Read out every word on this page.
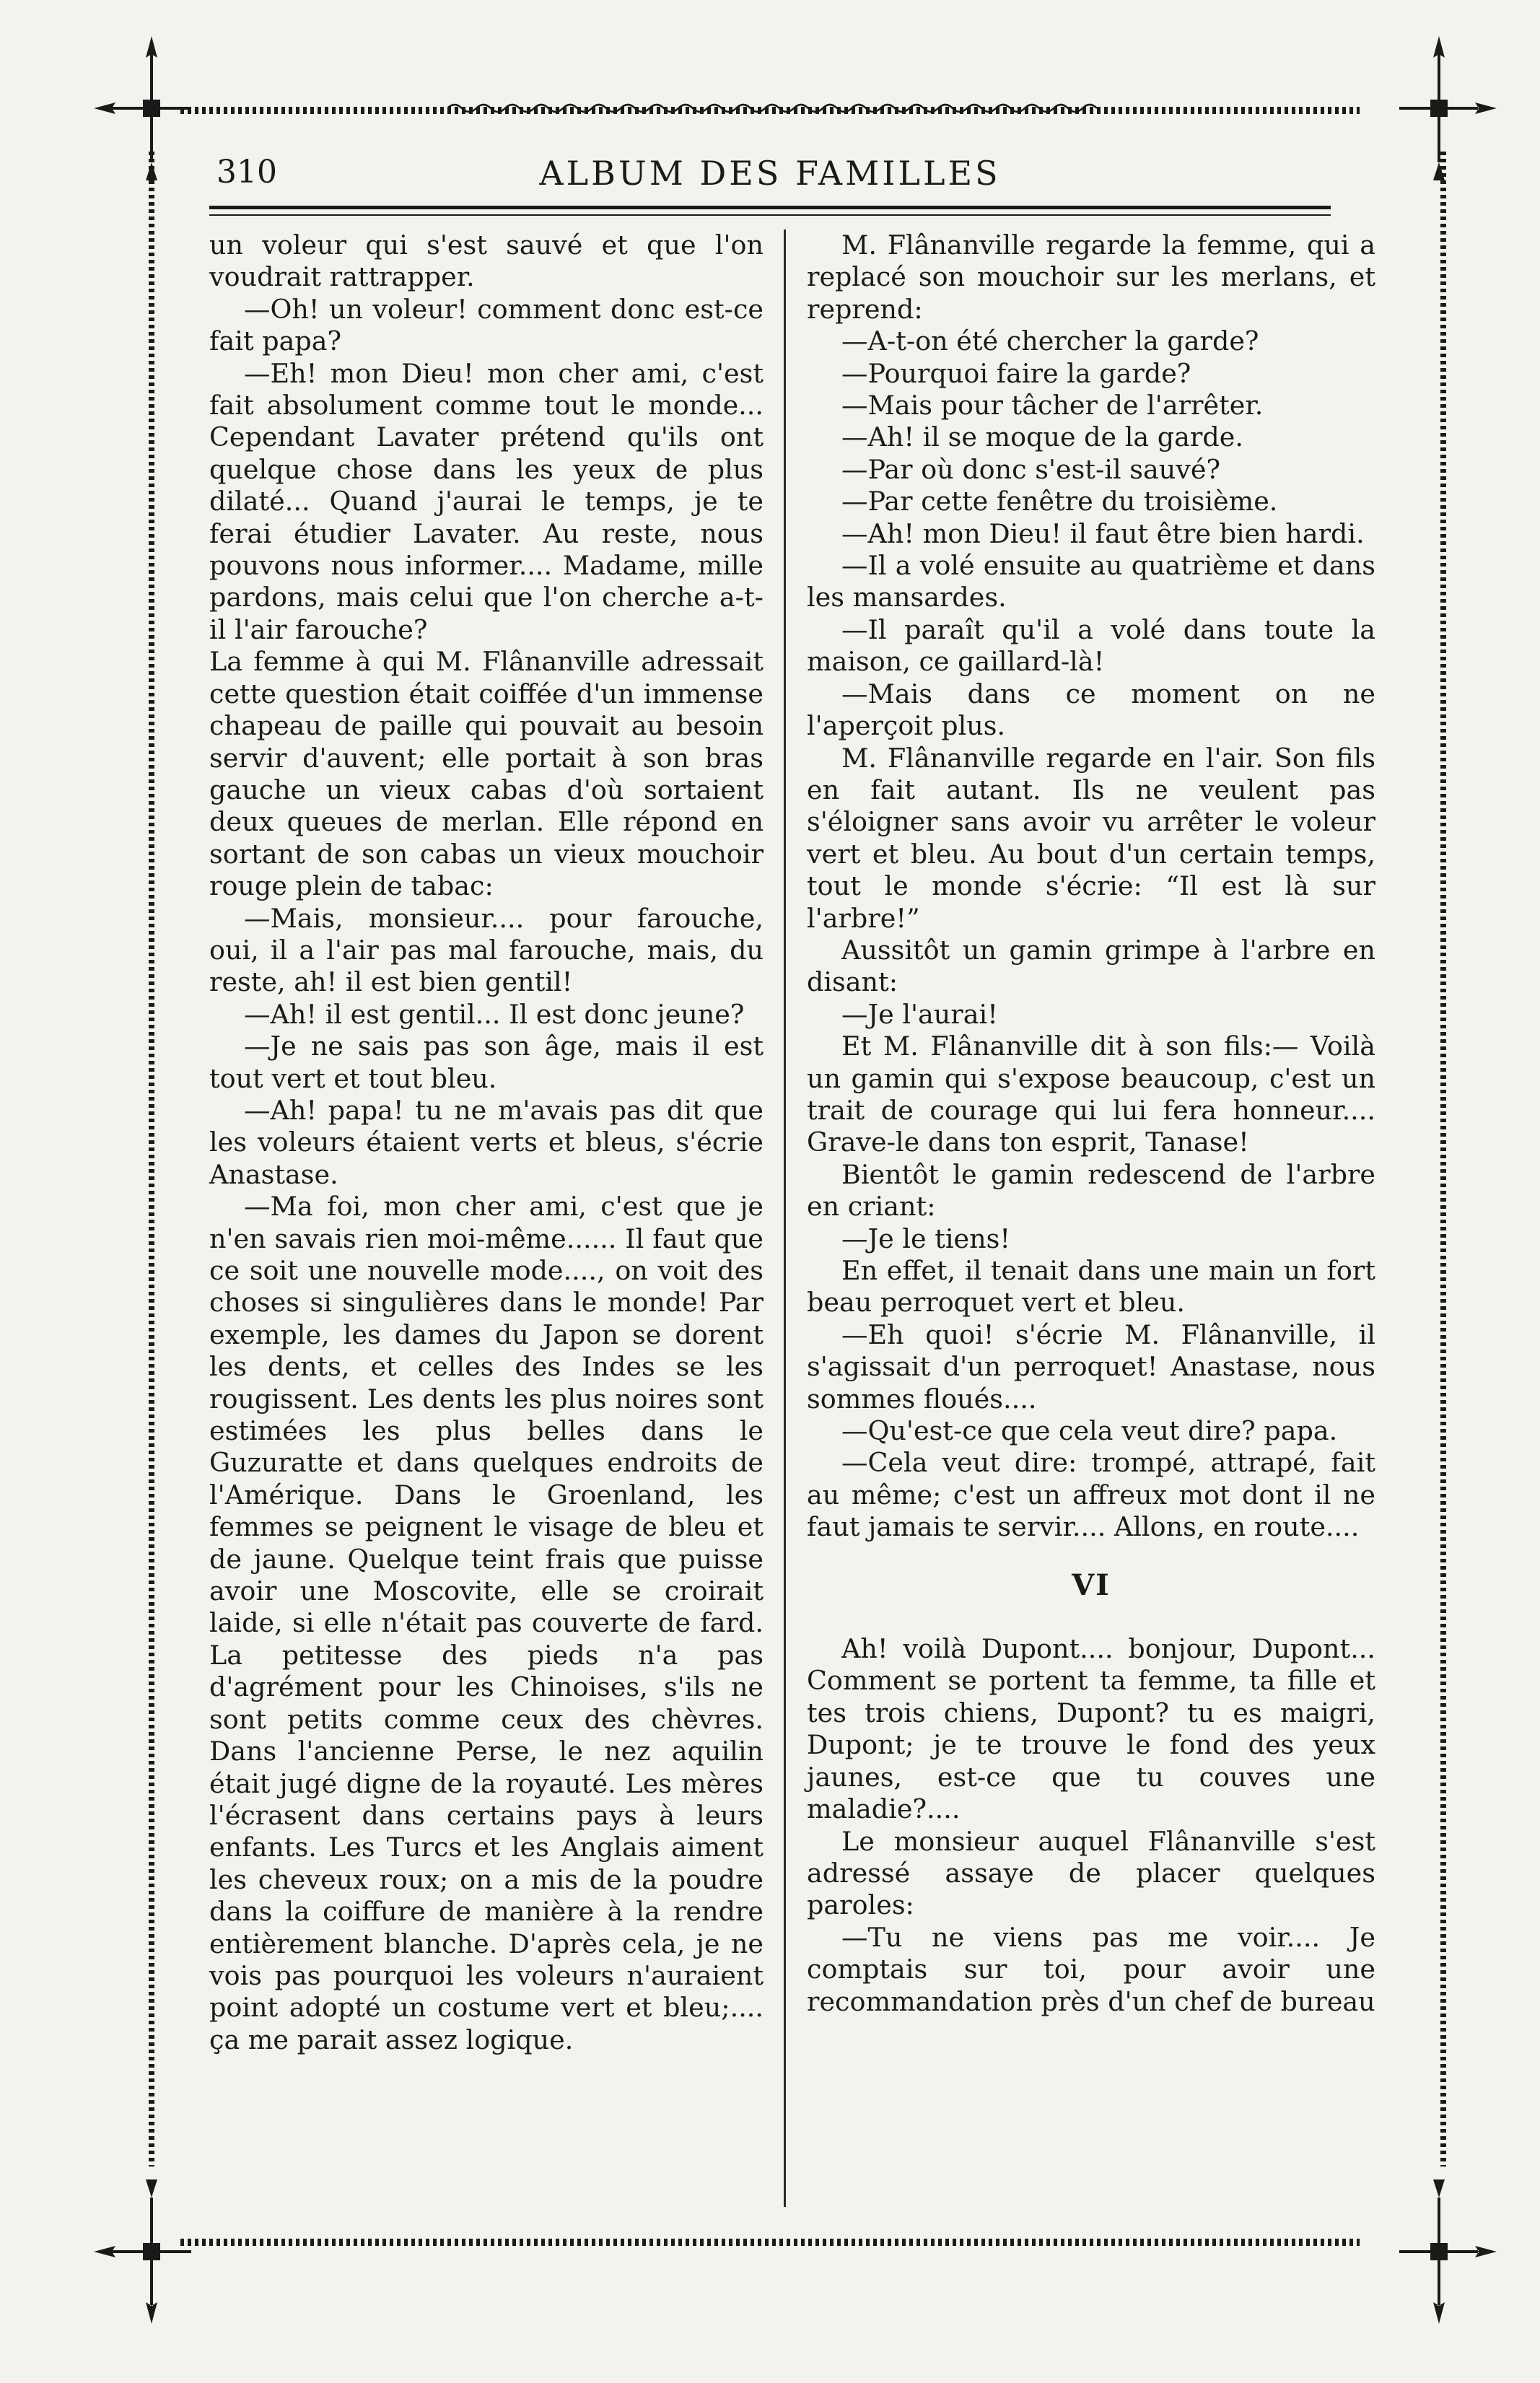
310	ALBUM DES FAMILLES

un voleur qui s'est sauvé et que l'on voudrait rattrapper.

—Oh! un voleur! comment donc est-ce fait papa?

—Eh! mon Dieu! mon cher ami, c'est fait absolument comme tout le monde... Cependant Lavater prétend qu'ils ont quelque chose dans les yeux de plus dilaté... Quand j'aurai le temps, je te ferai étudier Lavater. Au reste, nous pouvons nous informer.... Madame, mille pardons, mais celui que l'on cherche a-t-il l'air farouche?

La femme à qui M. Flânanville adressait cette question était coiffée d'un immense chapeau de paille qui pouvait au besoin servir d'auvent; elle portait à son bras gauche un vieux cabas d'où sortaient deux queues de merlan. Elle répond en sortant de son cabas un vieux mouchoir rouge plein de tabac:

—Mais, monsieur.... pour farouche, oui, il a l'air pas mal farouche, mais, du reste, ah! il est bien gentil!

—Ah! il est gentil... Il est donc jeune?

—Je ne sais pas son âge, mais il est tout vert et tout bleu.

—Ah! papa! tu ne m'avais pas dit que les voleurs étaient verts et bleus, s'écrie Anastase.

—Ma foi, mon cher ami, c'est que je n'en savais rien moi-même...... Il faut que ce soit une nouvelle mode...., on voit des choses si singulières dans le monde! Par exemple, les dames du Japon se dorent les dents, et celles des Indes se les rougissent. Les dents les plus noires sont estimées les plus belles dans le Guzuratte et dans quelques endroits de l'Amérique. Dans le Groenland, les femmes se peignent le visage de bleu et de jaune. Quelque teint frais que puisse avoir une Moscovite, elle se croirait laide, si elle n'était pas couverte de fard. La petitesse des pieds n'a pas d'agrément pour les Chinoises, s'ils ne sont petits comme ceux des chèvres. Dans l'ancienne Perse, le nez aquilin était jugé digne de la royauté. Les mères l'écrasent dans certains pays à leurs enfants. Les Turcs et les Anglais aiment les cheveux roux; on a mis de la poudre dans la coiffure de manière à la rendre entièrement blanche. D'après cela, je ne vois pas pourquoi les voleurs n'auraient point adopté un costume vert et bleu;.... ça me parait assez logique.

M. Flânanville regarde la femme, qui a replacé son mouchoir sur les merlans, et reprend:

—A-t-on été chercher la garde?

—Pourquoi faire la garde?

—Mais pour tâcher de l'arrêter.

—Ah! il se moque de la garde.

—Par où donc s'est-il sauvé?

—Par cette fenêtre du troisième.

—Ah! mon Dieu! il faut être bien hardi.

—Il a volé ensuite au quatrième et dans les mansardes.

—Il paraît qu'il a volé dans toute la maison, ce gaillard-là!

—Mais dans ce moment on ne l'aperçoit plus.

M. Flânanville regarde en l'air. Son fils en fait autant. Ils ne veulent pas s'éloigner sans avoir vu arrêter le voleur vert et bleu. Au bout d'un certain temps, tout le monde s'écrie: “Il est là sur l'arbre!”

Aussitôt un gamin grimpe à l'arbre en disant:

—Je l'aurai!

Et M. Flânanville dit à son fils:— Voilà un gamin qui s'expose beaucoup, c'est un trait de courage qui lui fera honneur.... Grave-le dans ton esprit, Tanase!

Bientôt le gamin redescend de l'arbre en criant:

—Je le tiens!

En effet, il tenait dans une main un fort beau perroquet vert et bleu.

—Eh quoi! s'écrie M. Flânanville, il s'agissait d'un perroquet! Anastase, nous sommes floués....

—Qu'est-ce que cela veut dire? papa.

—Cela veut dire: trompé, attrapé, fait au même; c'est un affreux mot dont il ne faut jamais te servir.... Allons, en route....

VI

Ah! voilà Dupont.... bonjour, Dupont... Comment se portent ta femme, ta fille et tes trois chiens, Dupont? tu es maigri, Dupont; je te trouve le fond des yeux jaunes, est-ce que tu couves une maladie?....

Le monsieur auquel Flânanville s'est adressé assaye de placer quelques paroles:

—Tu ne viens pas me voir.... Je comptais sur toi, pour avoir une recommandation près d'un chef de bureau
